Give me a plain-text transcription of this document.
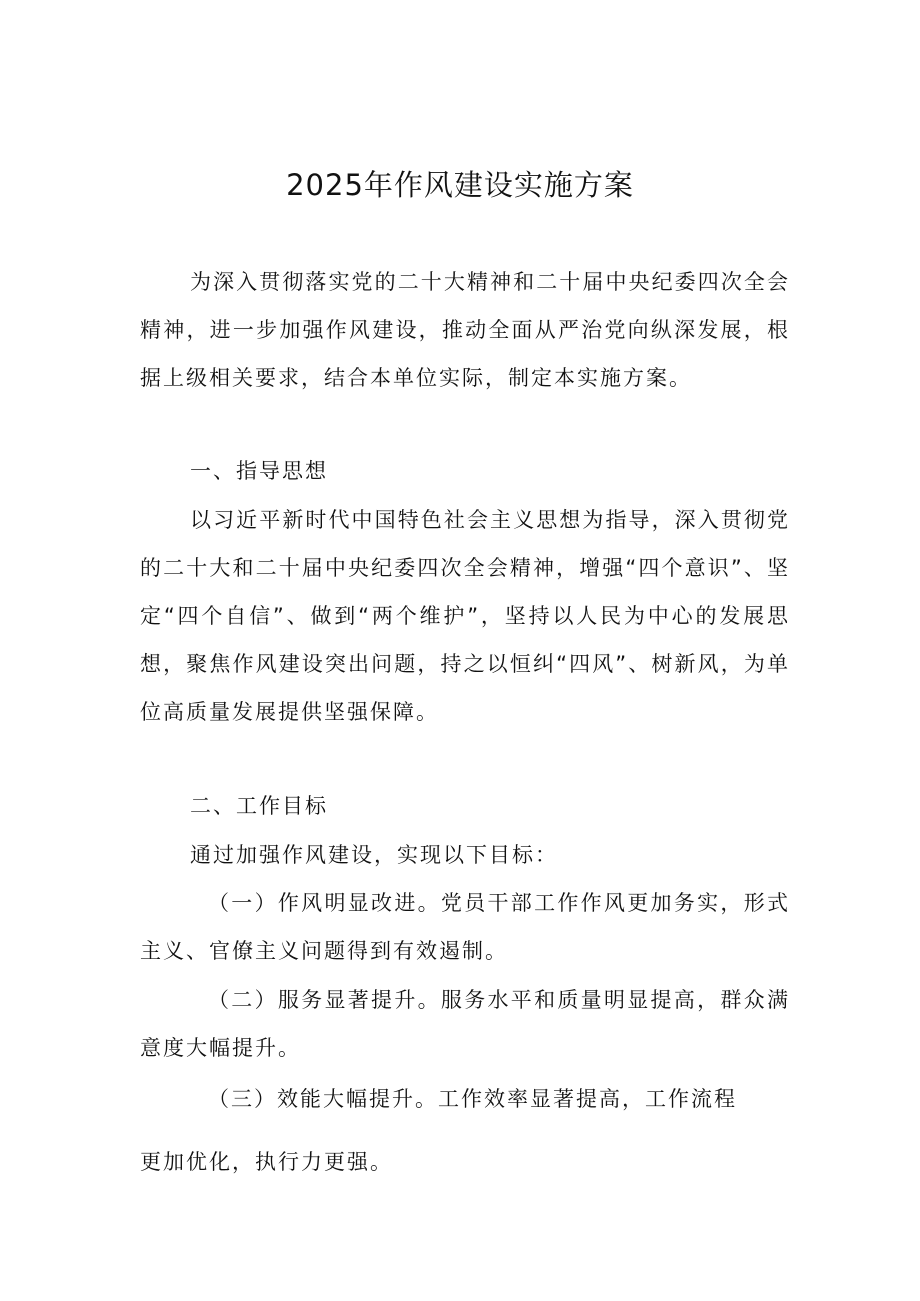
2025年作风建设实施方案
为深入贯彻落实党的二十大精神和二十届中央纪委四次全会精神，进一步加强作风建设，推动全面从严治党向纵深发展，根据上级相关要求，结合本单位实际，制定本实施方案。
一、指导思想
以习近平新时代中国特色社会主义思想为指导，深入贯彻党的二十大和二十届中央纪委四次全会精神，增强“四个意识”、坚定“四个自信”、做到“两个维护”，坚持以人民为中心的发展思想，聚焦作风建设突出问题，持之以恒纠“四风”、树新风，为单位高质量发展提供坚强保障。
二、工作目标
通过加强作风建设，实现以下目标：
（一）作风明显改进。党员干部工作作风更加务实，形式主义、官僚主义问题得到有效遏制。
（二）服务显著提升。服务水平和质量明显提高，群众满意度大幅提升。
（三）效能大幅提升。工作效率显著提高，工作流程
更加优化，执行力更强。
